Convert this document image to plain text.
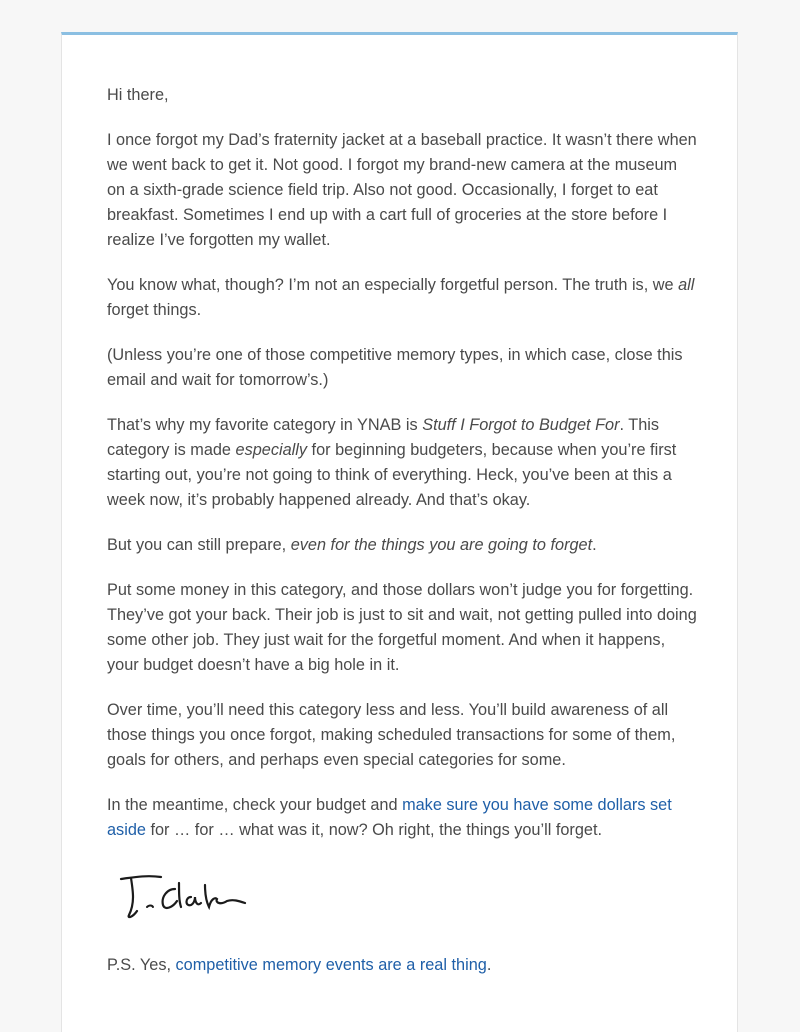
Hi there,

I once forgot my Dad’s fraternity jacket at a baseball practice. It wasn’t there when we went back to get it. Not good. I forgot my brand-new camera at the museum on a sixth-grade science field trip. Also not good. Occasionally, I forget to eat breakfast. Sometimes I end up with a cart full of groceries at the store before I realize I’ve forgotten my wallet.

You know what, though? I’m not an especially forgetful person. The truth is, we all forget things.

(Unless you’re one of those competitive memory types, in which case, close this email and wait for tomorrow’s.)

That’s why my favorite category in YNAB is Stuff I Forgot to Budget For. This category is made especially for beginning budgeters, because when you’re first starting out, you’re not going to think of everything. Heck, you’ve been at this a week now, it’s probably happened already. And that’s okay.

But you can still prepare, even for the things you are going to forget.

Put some money in this category, and those dollars won’t judge you for forgetting. They’ve got your back. Their job is just to sit and wait, not getting pulled into doing some other job. They just wait for the forgetful moment. And when it happens, your budget doesn’t have a big hole in it.

Over time, you’ll need this category less and less. You’ll build awareness of all those things you once forgot, making scheduled transactions for some of them, goals for others, and perhaps even special categories for some.

In the meantime, check your budget and make sure you have some dollars set aside for … for … what was it, now? Oh right, the things you’ll forget.

P.S. Yes, competitive memory events are a real thing.
